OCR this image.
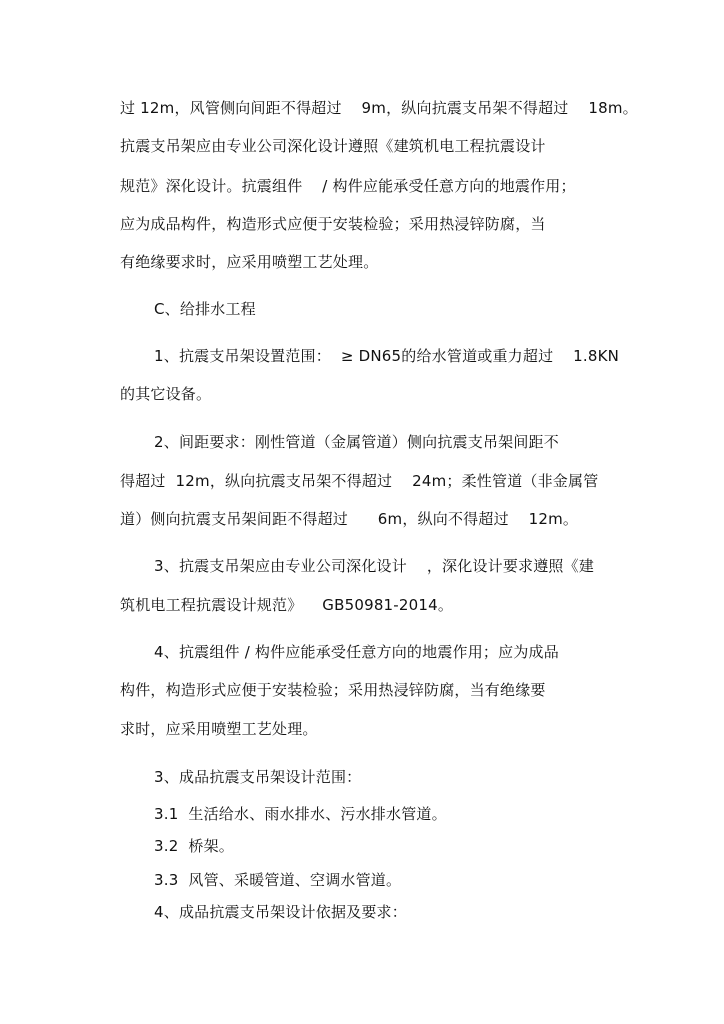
过 12m，风管侧向间距不得超过    9m，纵向抗震支吊架不得超过    18m。
抗震支吊架应由专业公司深化设计遵照《建筑机电工程抗震设计
规范》深化设计。抗震组件    / 构件应能承受任意方向的地震作用；
应为成品构件，构造形式应便于安装检验；采用热浸锌防腐，当
有绝缘要求时，应采用喷塑工艺处理。
C、给排水工程
1、抗震支吊架设置范围：  ≥ DN65的给水管道或重力超过    1.8KN
的其它设备。
2、间距要求：刚性管道（金属管道）侧向抗震支吊架间距不
得超过  12m，纵向抗震支吊架不得超过    24m；柔性管道（非金属管
道）侧向抗震支吊架间距不得超过      6m，纵向不得超过    12m。
3、抗震支吊架应由专业公司深化设计    ，深化设计要求遵照《建
筑机电工程抗震设计规范》    GB50981-2014。
4、抗震组件 / 构件应能承受任意方向的地震作用；应为成品
构件，构造形式应便于安装检验；采用热浸锌防腐，当有绝缘要
求时，应采用喷塑工艺处理。
3、成品抗震支吊架设计范围：
3.1  生活给水、雨水排水、污水排水管道。
3.2  桥架。
3.3  风管、采暖管道、空调水管道。
4、成品抗震支吊架设计依据及要求：
